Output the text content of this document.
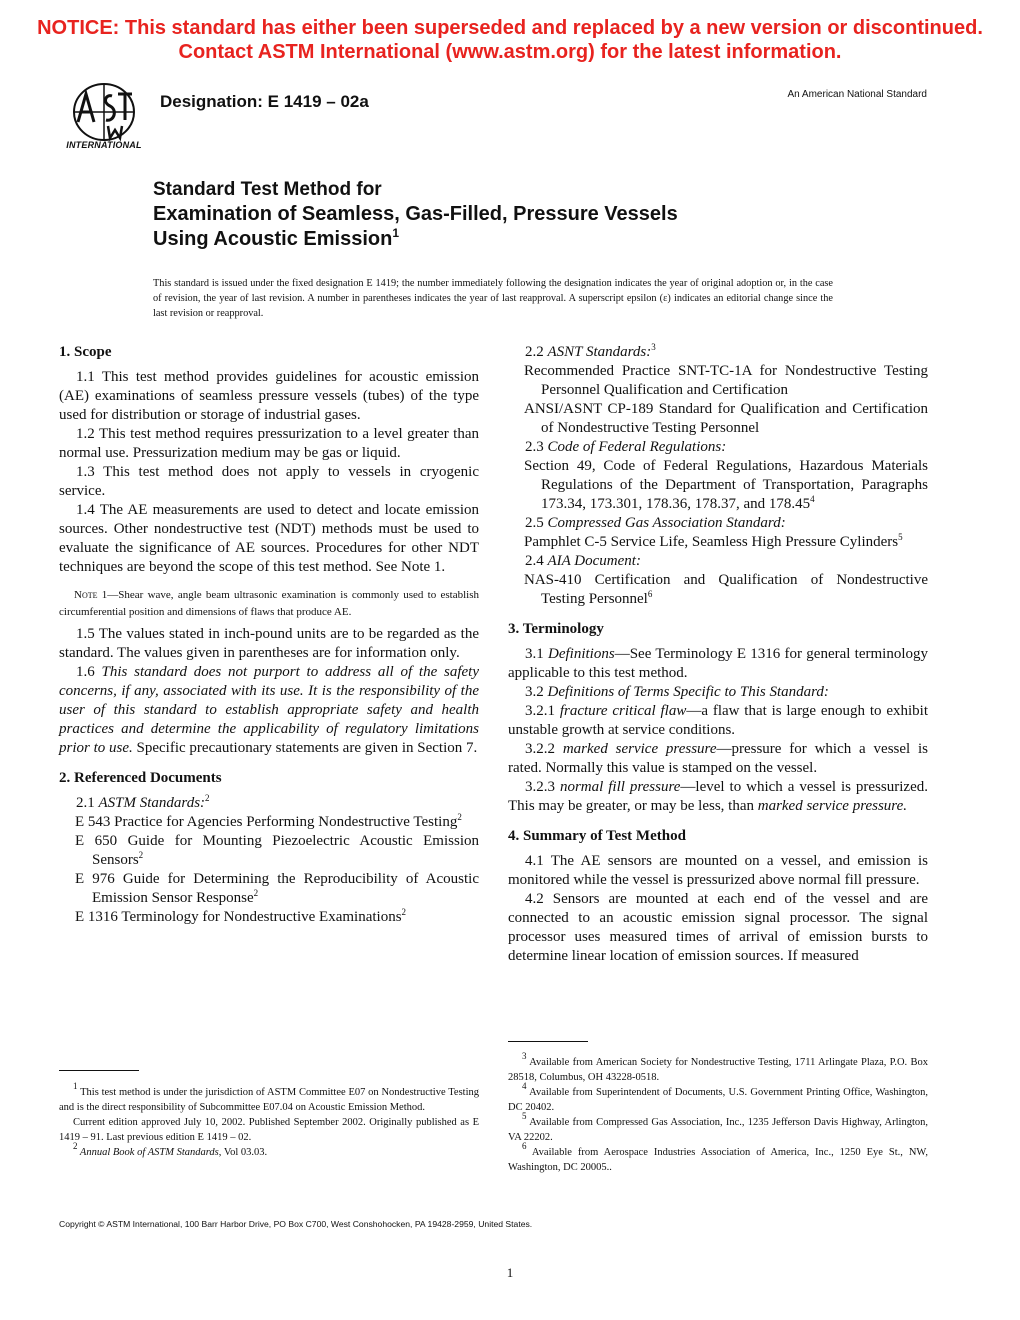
NOTICE: This standard has either been superseded and replaced by a new version or discontinued.
Contact ASTM International (www.astm.org) for the latest information.
INTERNATIONAL
Designation: E 1419 – 02a	An American National Standard
Standard Test Method for
Examination of Seamless, Gas-Filled, Pressure Vessels
Using Acoustic Emission$^1$
This standard is issued under the fixed designation E 1419; the number immediately following the designation indicates the year of original adoption or, in the case of revision, the year of last revision. A number in parentheses indicates the year of last reapproval. A superscript epsilon (ε) indicates an editorial change since the last revision or reapproval.

1. Scope

1.1 This test method provides guidelines for acoustic emission (AE) examinations of seamless pressure vessels (tubes) of the type used for distribution or storage of industrial gases.

1.2 This test method requires pressurization to a level greater than normal use. Pressurization medium may be gas or liquid.

1.3 This test method does not apply to vessels in cryogenic service.

1.4 The AE measurements are used to detect and locate emission sources. Other nondestructive test (NDT) methods must be used to evaluate the significance of AE sources. Procedures for other NDT techniques are beyond the scope of this test method. See Note 1.

Note 1—Shear wave, angle beam ultrasonic examination is commonly used to establish circumferential position and dimensions of flaws that produce AE.

1.5 The values stated in inch-pound units are to be regarded as the standard. The values given in parentheses are for information only.

1.6 This standard does not purport to address all of the safety concerns, if any, associated with its use. It is the responsibility of the user of this standard to establish appropriate safety and health practices and determine the applicability of regulatory limitations prior to use. Specific precautionary statements are given in Section 7.

2. Referenced Documents

2.1 ASTM Standards:$^2$

E 543 Practice for Agencies Performing Nondestructive Testing$^2$

E 650 Guide for Mounting Piezoelectric Acoustic Emission Sensors$^2$

E 976 Guide for Determining the Reproducibility of Acoustic Emission Sensor Response$^2$

E 1316 Terminology for Nondestructive Examinations$^2$

2.2 ASNT Standards:$^3$

Recommended Practice SNT-TC-1A for Nondestructive Testing Personnel Qualification and Certification

ANSI/ASNT CP-189 Standard for Qualification and Certification of Nondestructive Testing Personnel

2.3 Code of Federal Regulations:

Section 49, Code of Federal Regulations, Hazardous Materials Regulations of the Department of Transportation, Paragraphs 173.34, 173.301, 178.36, 178.37, and 178.45$^4$

2.5 Compressed Gas Association Standard:

Pamphlet C-5 Service Life, Seamless High Pressure Cylinders$^5$

2.4 AIA Document:

NAS-410 Certification and Qualification of Nondestructive Testing Personnel$^6$

3. Terminology

3.1 Definitions—See Terminology E 1316 for general terminology applicable to this test method.

3.2 Definitions of Terms Specific to This Standard:

3.2.1 fracture critical flaw—a flaw that is large enough to exhibit unstable growth at service conditions.

3.2.2 marked service pressure—pressure for which a vessel is rated. Normally this value is stamped on the vessel.

3.2.3 normal fill pressure—level to which a vessel is pressurized. This may be greater, or may be less, than marked service pressure.

4. Summary of Test Method

4.1 The AE sensors are mounted on a vessel, and emission is monitored while the vessel is pressurized above normal fill pressure.

4.2 Sensors are mounted at each end of the vessel and are connected to an acoustic emission signal processor. The signal processor uses measured times of arrival of emission bursts to determine linear location of emission sources. If measured

$^1$ This test method is under the jurisdiction of ASTM Committee E07 on Nondestructive Testing and is the direct responsibility of Subcommittee E07.04 on Acoustic Emission Method.

Current edition approved July 10, 2002. Published September 2002. Originally published as E 1419 – 91. Last previous edition E 1419 – 02.

$^2$ Annual Book of ASTM Standards, Vol 03.03.

$^3$ Available from American Society for Nondestructive Testing, 1711 Arlingate Plaza, P.O. Box 28518, Columbus, OH 43228-0518.

$^4$ Available from Superintendent of Documents, U.S. Government Printing Office, Washington, DC 20402.

$^5$ Available from Compressed Gas Association, Inc., 1235 Jefferson Davis Highway, Arlington, VA 22202.

$^6$ Available from Aerospace Industries Association of America, Inc., 1250 Eye St., NW, Washington, DC 20005..

Copyright © ASTM International, 100 Barr Harbor Drive, PO Box C700, West Conshohocken, PA 19428-2959, United States.
1
